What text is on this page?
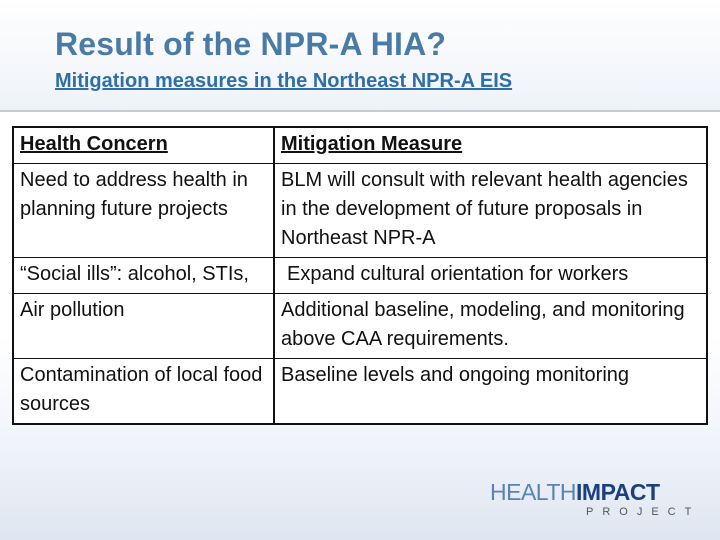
Result of the NPR-A HIA?
Mitigation measures in the Northeast NPR-A EIS
Health Concern	Mitigation Measure
Need to address health in planning future projects	BLM will consult with relevant health agencies in the development of future proposals in Northeast NPR-A
“Social ills”: alcohol, STIs,	Expand cultural orientation for workers
Air pollution	Additional baseline, modeling, and monitoring above CAA requirements.
Contamination of local food sources	Baseline levels and ongoing monitoring
HEALTHIMPACT
PROJECT
